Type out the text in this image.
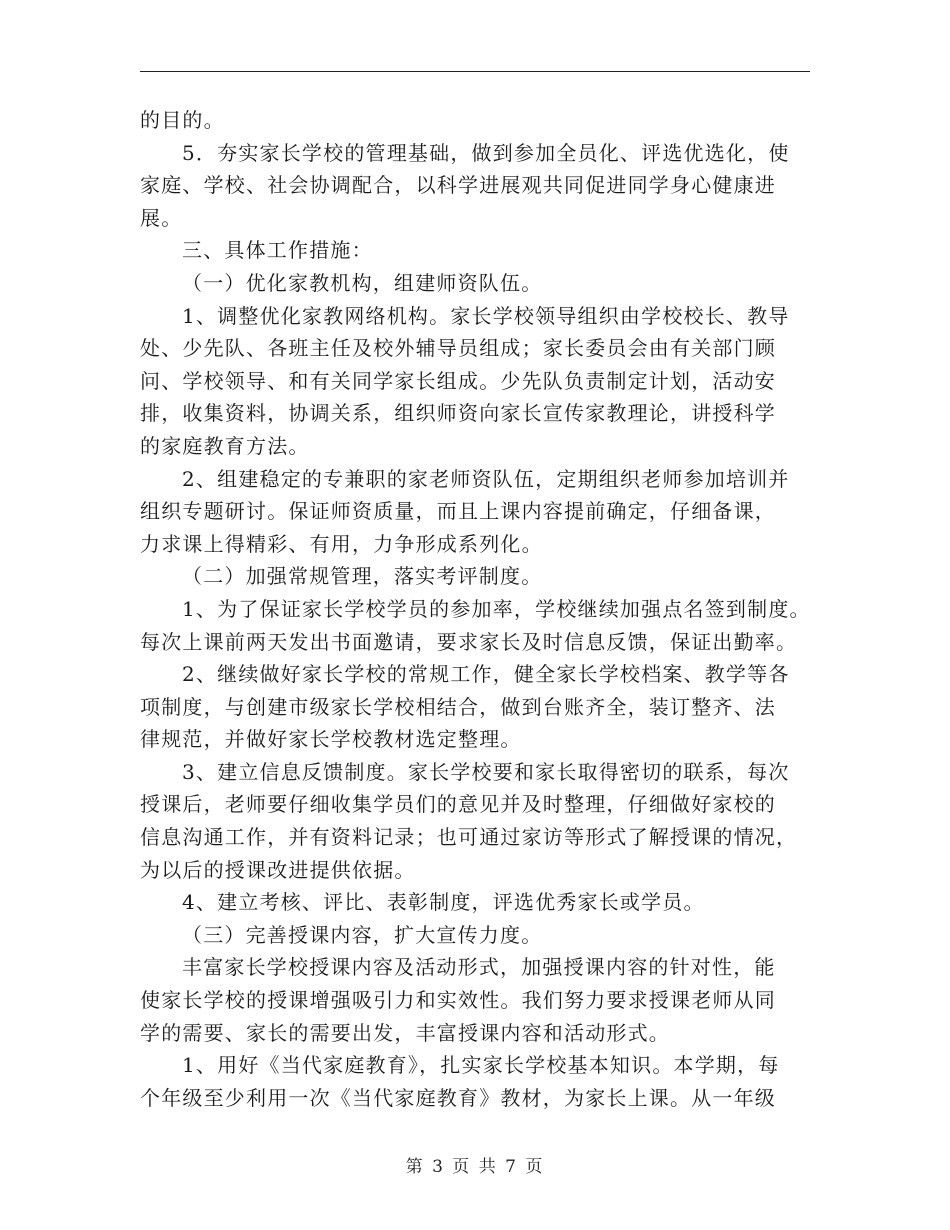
的目的。
5．夯实家长学校的管理基础，做到参加全员化、评选优选化，使
家庭、学校、社会协调配合，以科学进展观共同促进同学身心健康进
展。
三、具体工作措施：
（一）优化家教机构，组建师资队伍。
1、调整优化家教网络机构。家长学校领导组织由学校校长、教导
处、少先队、各班主任及校外辅导员组成；家长委员会由有关部门顾
问、学校领导、和有关同学家长组成。少先队负责制定计划，活动安
排，收集资料，协调关系，组织师资向家长宣传家教理论，讲授科学
的家庭教育方法。
2、组建稳定的专兼职的家老师资队伍，定期组织老师参加培训并
组织专题研讨。保证师资质量，而且上课内容提前确定，仔细备课，
力求课上得精彩、有用，力争形成系列化。
（二）加强常规管理，落实考评制度。
1、为了保证家长学校学员的参加率，学校继续加强点名签到制度。
每次上课前两天发出书面邀请，要求家长及时信息反馈，保证出勤率。
2、继续做好家长学校的常规工作，健全家长学校档案、教学等各
项制度，与创建市级家长学校相结合，做到台账齐全，装订整齐、法
律规范，并做好家长学校教材选定整理。
3、建立信息反馈制度。家长学校要和家长取得密切的联系，每次
授课后，老师要仔细收集学员们的意见并及时整理，仔细做好家校的
信息沟通工作，并有资料记录；也可通过家访等形式了解授课的情况，
为以后的授课改进提供依据。
4、建立考核、评比、表彰制度，评选优秀家长或学员。
（三）完善授课内容，扩大宣传力度。
丰富家长学校授课内容及活动形式，加强授课内容的针对性，能
使家长学校的授课增强吸引力和实效性。我们努力要求授课老师从同
学的需要、家长的需要出发，丰富授课内容和活动形式。
1、用好《当代家庭教育》，扎实家长学校基本知识。本学期，每
个年级至少利用一次《当代家庭教育》教材，为家长上课。从一年级
第 3 页 共 7 页
